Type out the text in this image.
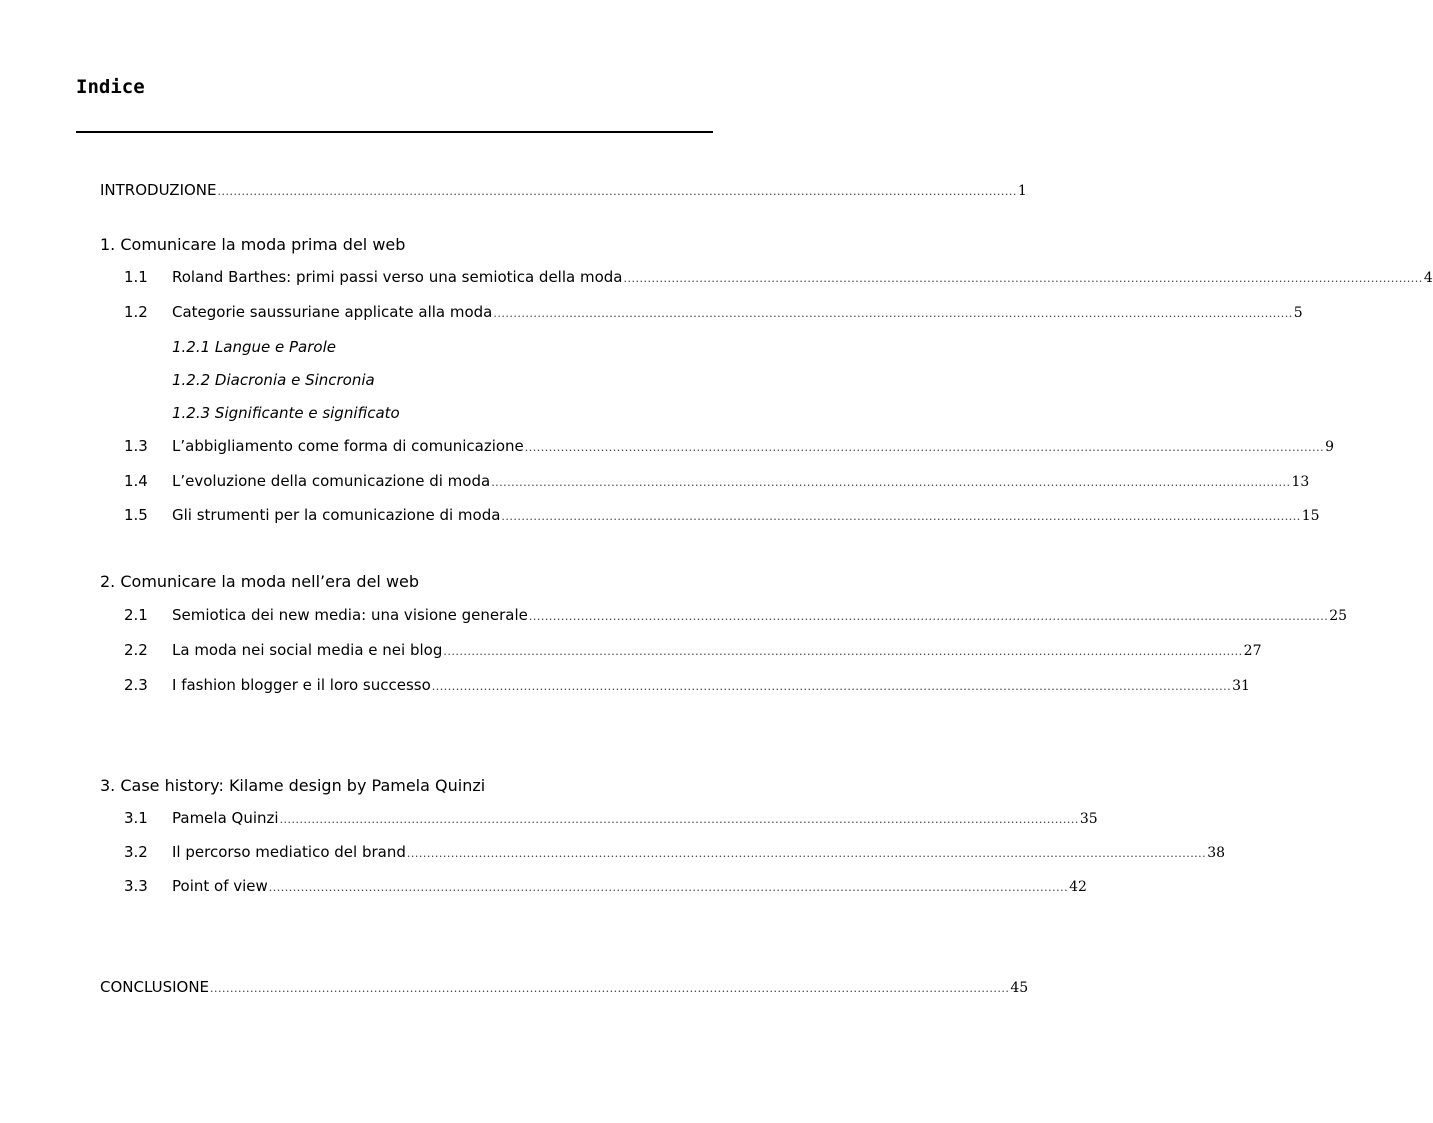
Indice
INTRODUZIONE ........................................................................................................................................................................................................ 1
1. Comunicare la moda prima del web
1.1	Roland Barthes: primi passi verso una semiotica della moda ........................................................................................................................................................................................................ 4
1.2	Categorie saussuriane applicate alla moda ........................................................................................................................................................................................................ 5
1.2.1 Langue e Parole
1.2.2 Diacronia e Sincronia
1.2.3 Significante e significato
1.3	L’abbigliamento come forma di comunicazione ........................................................................................................................................................................................................ 9
1.4	L’evoluzione della comunicazione di moda ........................................................................................................................................................................................................ 13
1.5	Gli strumenti per la comunicazione di moda ........................................................................................................................................................................................................ 15
2. Comunicare la moda nell’era del web
2.1	Semiotica dei new media: una visione generale ........................................................................................................................................................................................................ 25
2.2	La moda nei social media e nei blog ........................................................................................................................................................................................................ 27
2.3	I fashion blogger e il loro successo ........................................................................................................................................................................................................ 31
3. Case history: Kilame design by Pamela Quinzi
3.1	Pamela Quinzi ........................................................................................................................................................................................................ 35
3.2	Il percorso mediatico del brand ........................................................................................................................................................................................................ 38
3.3	Point of view ........................................................................................................................................................................................................ 42
CONCLUSIONE ........................................................................................................................................................................................................ 45
